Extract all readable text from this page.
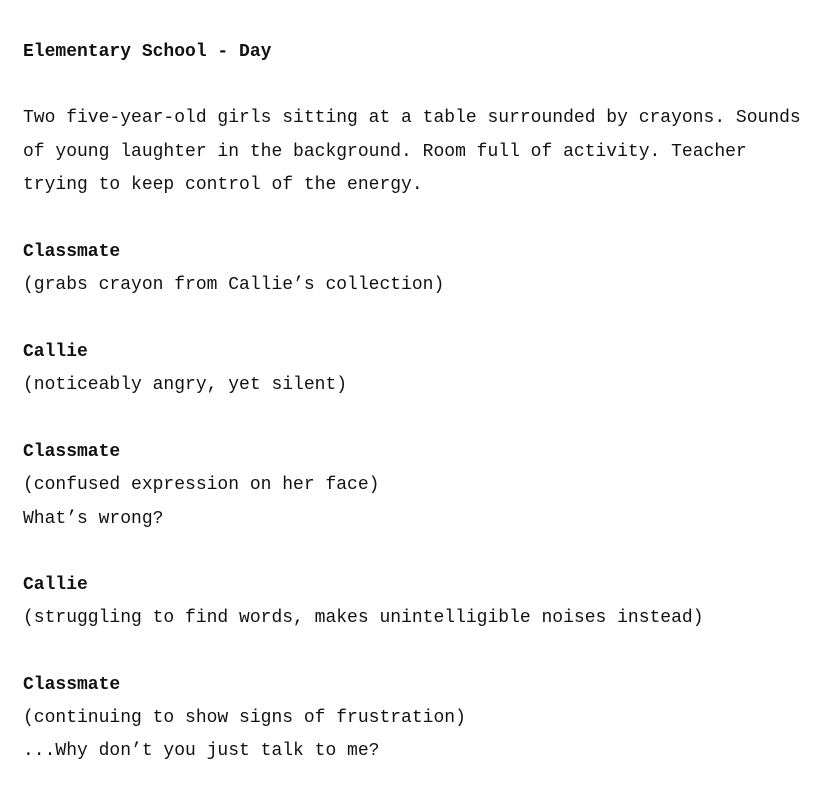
Elementary School - Day
Two five-year-old girls sitting at a table surrounded by crayons. Sounds
of young laughter in the background. Room full of activity. Teacher
trying to keep control of the energy.
Classmate
(grabs crayon from Callie’s collection)
Callie
(noticeably angry, yet silent)
Classmate
(confused expression on her face)
What’s wrong?
Callie
(struggling to find words, makes unintelligible noises instead)
Classmate
(continuing to show signs of frustration)
...Why don’t you just talk to me?
